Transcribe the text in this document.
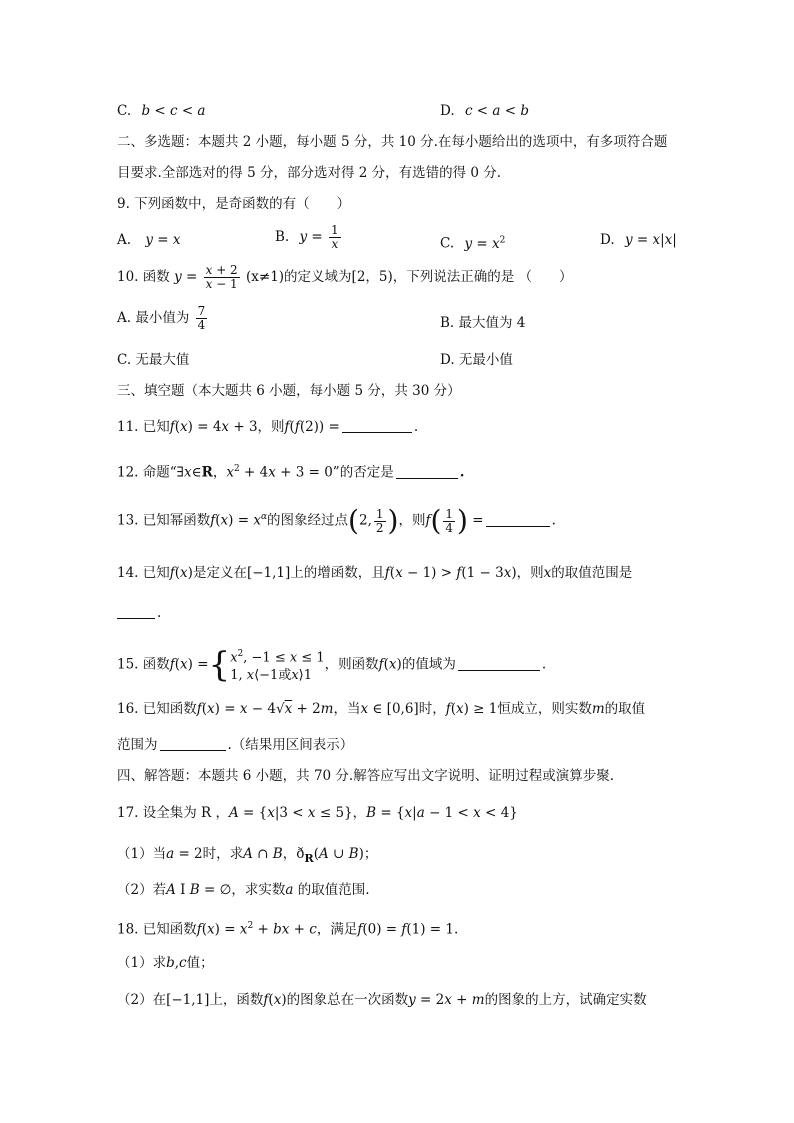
C. b < c < a	D. c < a < b
二、多选题：本题共 2 小题，每小题 5 分，共 10 分.在每小题给出的选项中，有多项符合题
目要求.全部选对的得 5 分，部分选对得 2 分，有选错的得 0 分.
9. 下列函数中，是奇函数的有（　　）
A. y = x	B. $y = \frac{1}{x}$	C. $y = x^2$	D. y = x|x|
10. 函数 $y = \frac{x + 2}{x - 1} (x\ne 1)$的定义域为[2，5)，下列说法正确的是 （　　）
A. 最小值为 $\frac{7}{4}$	B. 最大值为 4
C. 无最大值	D. 无最小值
三、填空题（本大题共 6 小题，每小题 5 分，共 30 分）
11. 已知f(x) = 4x + 3，则f(f(2)) =	.
12. 命题“∃x∈R，$x^2 + 4x + 3 = 0$”的否定是	.
13. 已知幂函数$f(x) = x^\alpha$的图象经过点(2, $\frac{1}{2}$ )，则$f( \frac{1}{4}$ ) =	.
14. 已知f(x)是定义在[−1,1]上的增函数，且f(x − 1) > f(1 − 3x)，则x的取值范围是
.
15. 函数f(x) ={ $x^2$, −1 ≤ x ≤ 1
1, x⟨−1或x⟩1
，则函数f(x)的值域为	.
16. 已知函数f(x) = x − 4√x + 2m，当x ∈ [0,6]时，f(x) ≥ 1恒成立，则实数m的取值
范围为	.（结果用区间表示）
四、解答题：本题共 6 小题，共 70 分.解答应写出文字说明、证明过程或演算步聚.
17. 设全集为 R ，A = {x|3 < x ≤ 5}，B = {x|a − 1 < x < 4}
（1）当a = 2时，求A ∩ B，$ð_R(A$ ∪ B)；
（2）若A I B = ∅，求实数a 的取值范围.
18. 已知函数$f(x) = x^2$ + bx + c，满足f(0) = f(1) = 1.
（1）求b,c值；
（2）在[−1,1]上，函数f(x)的图象总在一次函数y = 2x + m的图象的上方，试确定实数
